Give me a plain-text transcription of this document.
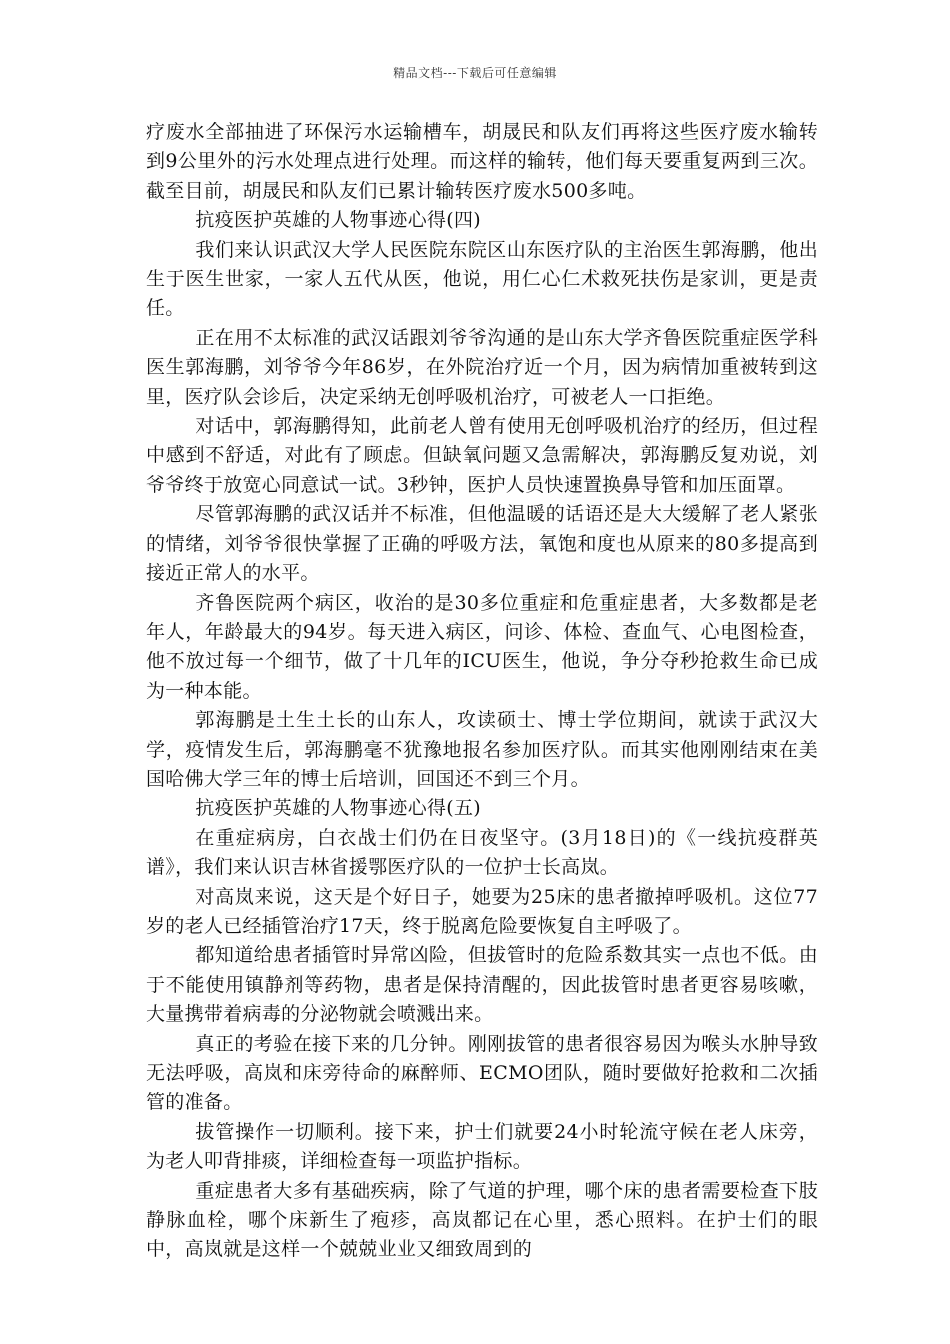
精品文档---下载后可任意编辑

疗废水全部抽进了环保污水运输槽车，胡晟民和队友们再将这些医疗废水输转到9公里外的污水处理点进行处理。而这样的输转，他们每天要重复两到三次。截至目前，胡晟民和队友们已累计输转医疗废水500多吨。

抗疫医护英雄的人物事迹心得(四)

我们来认识武汉大学人民医院东院区山东医疗队的主治医生郭海鹏，他出生于医生世家，一家人五代从医，他说，用仁心仁术救死扶伤是家训，更是责任。

正在用不太标准的武汉话跟刘爷爷沟通的是山东大学齐鲁医院重症医学科医生郭海鹏，刘爷爷今年86岁，在外院治疗近一个月，因为病情加重被转到这里，医疗队会诊后，决定采纳无创呼吸机治疗，可被老人一口拒绝。

对话中，郭海鹏得知，此前老人曾有使用无创呼吸机治疗的经历，但过程中感到不舒适，对此有了顾虑。但缺氧问题又急需解决，郭海鹏反复劝说，刘爷爷终于放宽心同意试一试。3秒钟，医护人员快速置换鼻导管和加压面罩。

尽管郭海鹏的武汉话并不标准，但他温暖的话语还是大大缓解了老人紧张的情绪，刘爷爷很快掌握了正确的呼吸方法，氧饱和度也从原来的80多提高到接近正常人的水平。

齐鲁医院两个病区，收治的是30多位重症和危重症患者，大多数都是老年人，年龄最大的94岁。每天进入病区，问诊、体检、查血气、心电图检查，他不放过每一个细节，做了十几年的ICU医生，他说，争分夺秒抢救生命已成为一种本能。

郭海鹏是土生土长的山东人，攻读硕士、博士学位期间，就读于武汉大学，疫情发生后，郭海鹏毫不犹豫地报名参加医疗队。而其实他刚刚结束在美国哈佛大学三年的博士后培训，回国还不到三个月。

抗疫医护英雄的人物事迹心得(五)

在重症病房，白衣战士们仍在日夜坚守。(3月18日)的《一线抗疫群英谱》，我们来认识吉林省援鄂医疗队的一位护士长高岚。

对高岚来说，这天是个好日子，她要为25床的患者撤掉呼吸机。这位77岁的老人已经插管治疗17天，终于脱离危险要恢复自主呼吸了。

都知道给患者插管时异常凶险，但拔管时的危险系数其实一点也不低。由于不能使用镇静剂等药物，患者是保持清醒的，因此拔管时患者更容易咳嗽，大量携带着病毒的分泌物就会喷溅出来。

真正的考验在接下来的几分钟。刚刚拔管的患者很容易因为喉头水肿导致无法呼吸，高岚和床旁待命的麻醉师、ECMO团队，随时要做好抢救和二次插管的准备。

拔管操作一切顺利。接下来，护士们就要24小时轮流守候在老人床旁，为老人叩背排痰，详细检查每一项监护指标。

重症患者大多有基础疾病，除了气道的护理，哪个床的患者需要检查下肢静脉血栓，哪个床新生了疱疹，高岚都记在心里，悉心照料。在护士们的眼中，高岚就是这样一个兢兢业业又细致周到的
